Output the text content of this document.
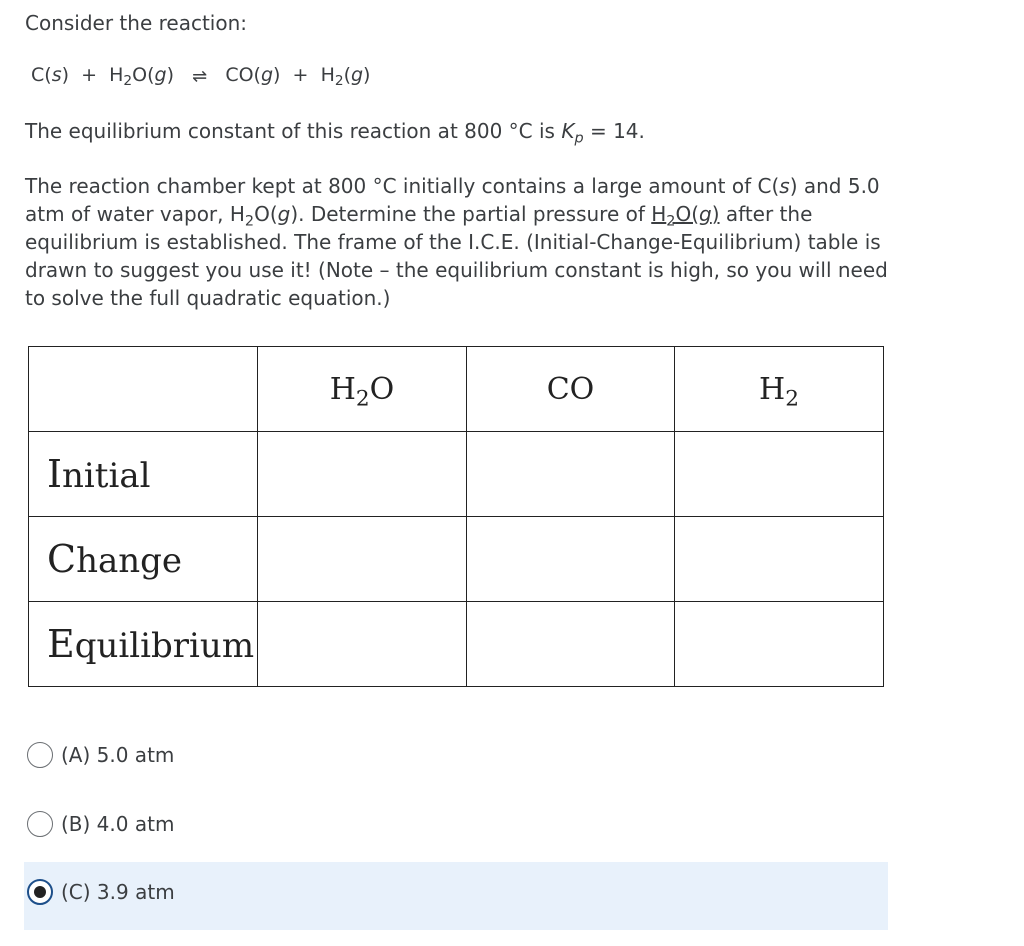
Consider the reaction:
$C(s) + H_2O(g)$ ⇌ $CO(g) + H_2(g)$
The equilibrium constant of this reaction at 800 °C is $K_p = 14$.
The reaction chamber kept at 800 °C initially contains a large amount of C(s) and 5.0 atm of water vapor, $H_2O(g)$. Determine the partial pressure of $H_2O(g)$ after the equilibrium is established. The frame of the I.C.E. (Initial-Change-Equilibrium) table is drawn to suggest you use it! (Note – the equilibrium constant is high, so you will need to solve the full quadratic equation.)
	$H_2O$	CO	$H_2$
Initial			
Change			
Equilibrium			
(A) 5.0 atm
(B) 4.0 atm
(C) 3.9 atm
